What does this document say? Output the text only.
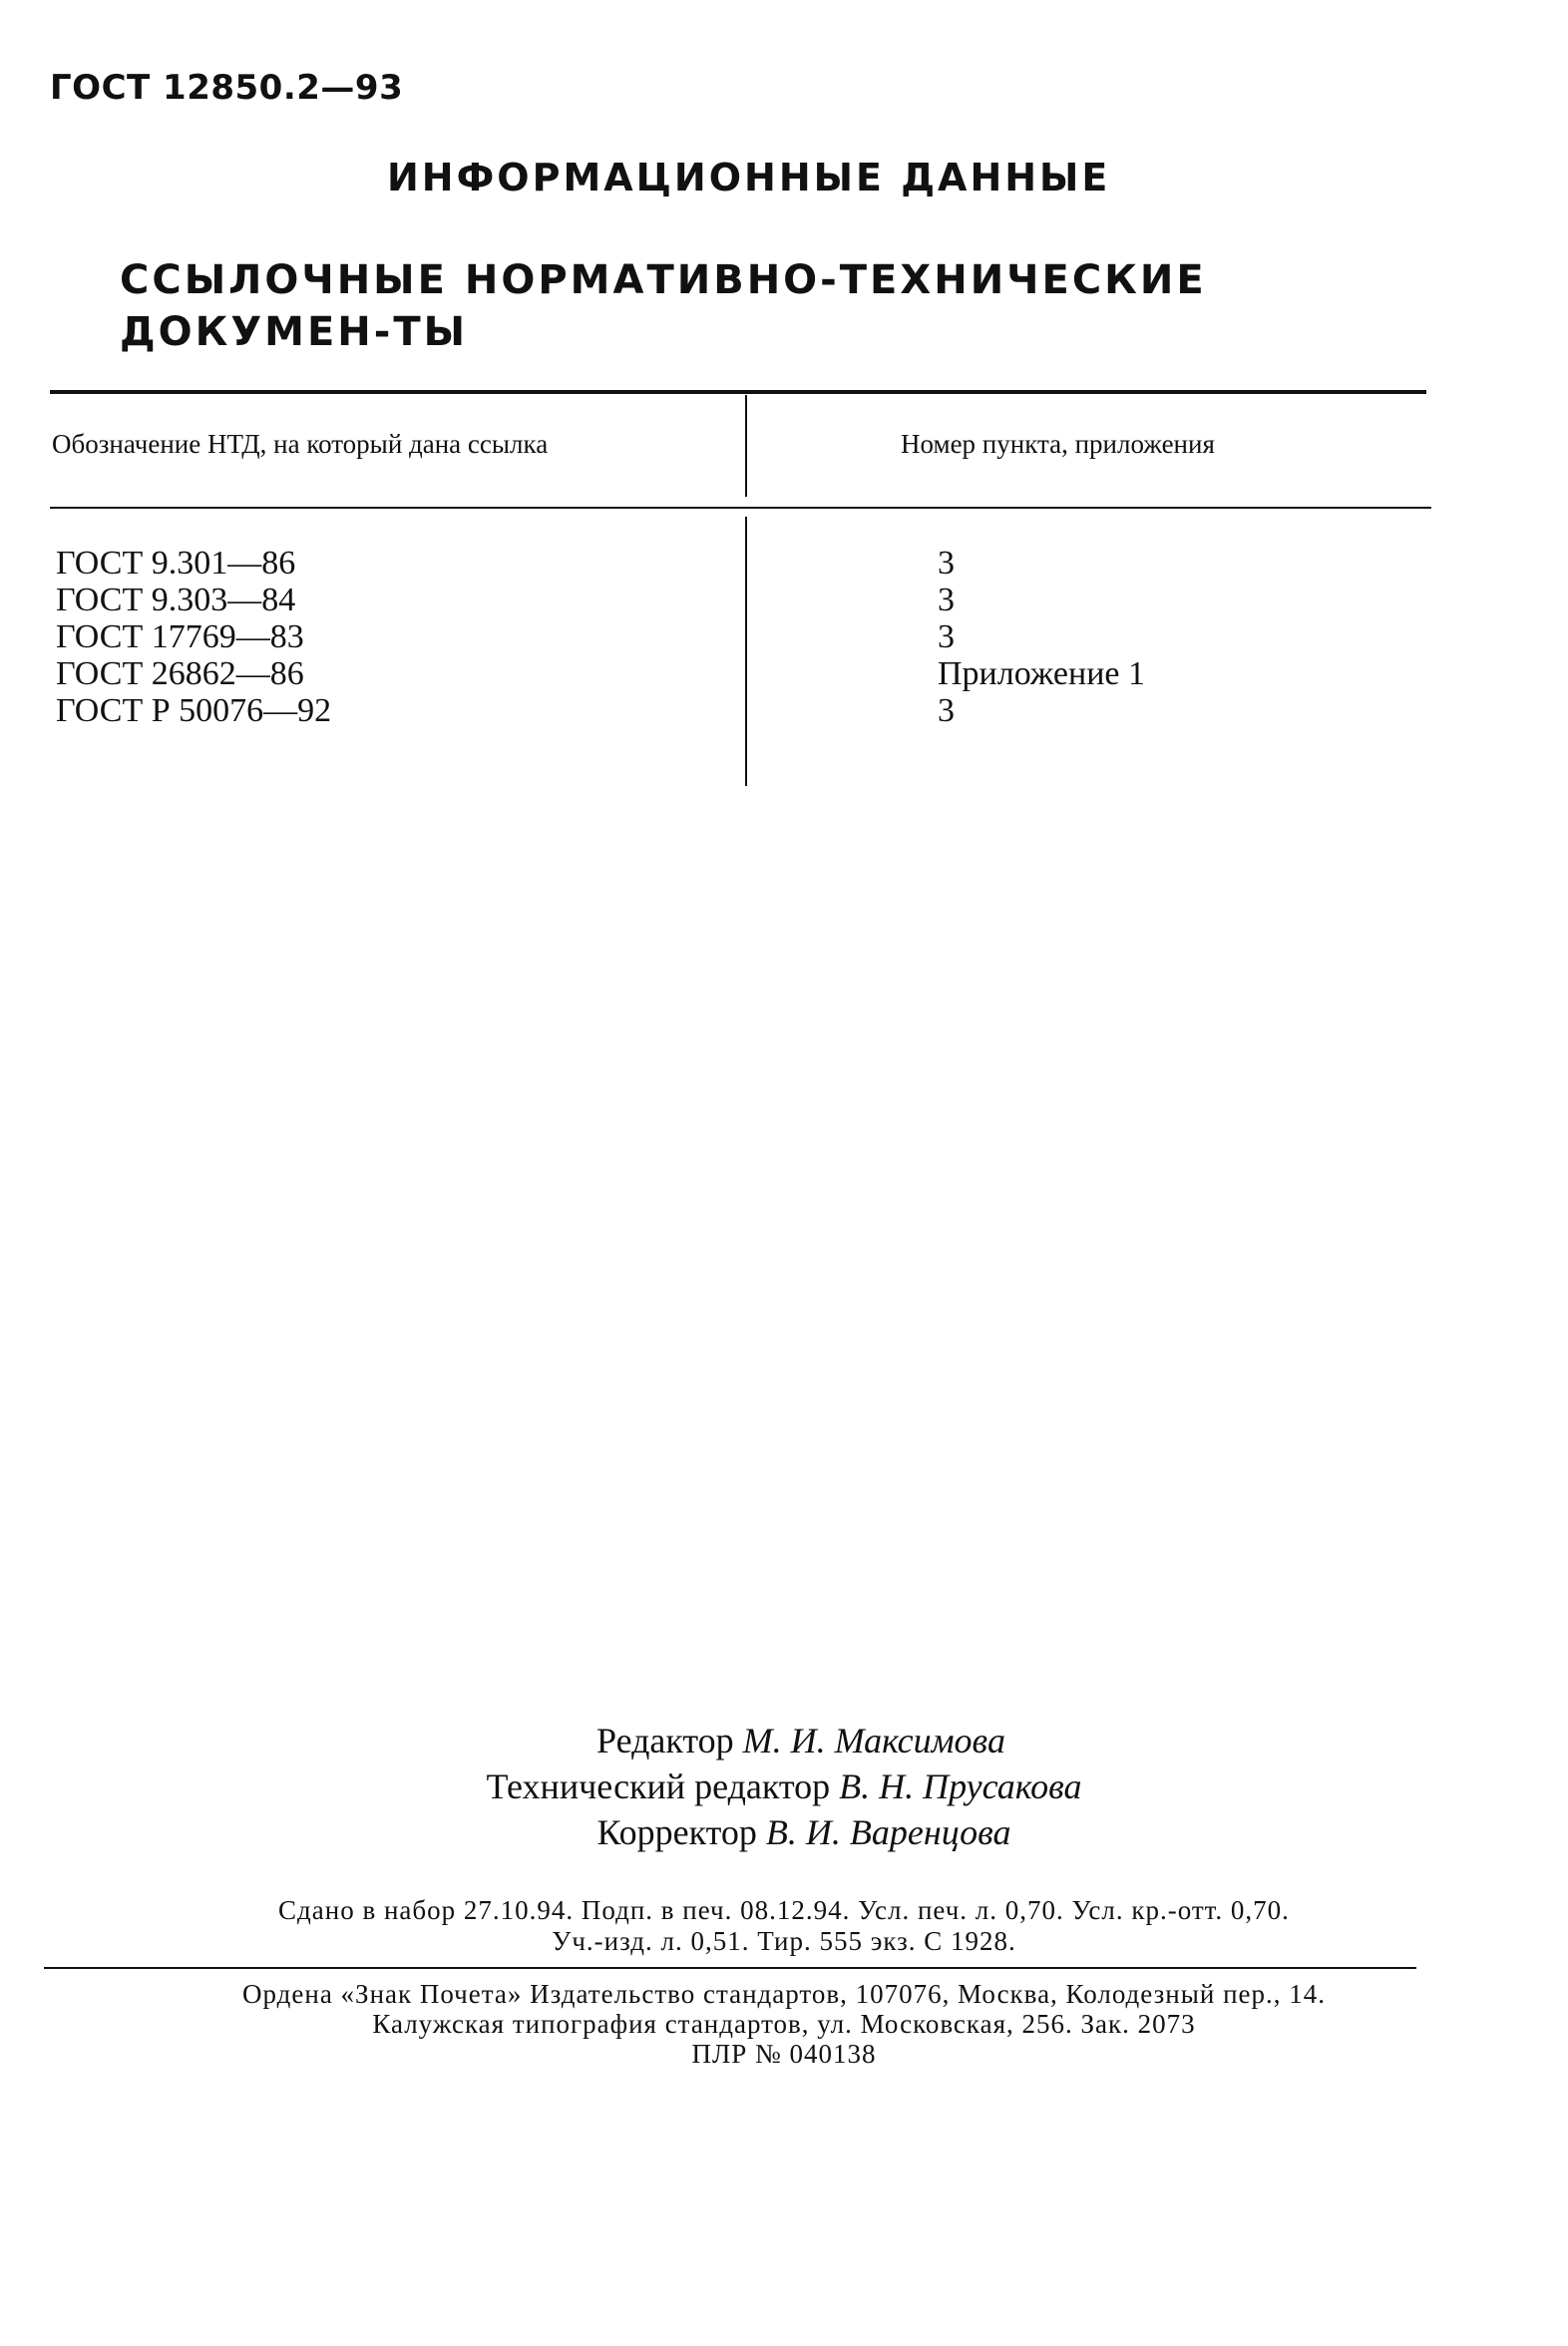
ГОСТ 12850.2—93
ИНФОРМАЦИОННЫЕ ДАННЫЕ
ССЫЛОЧНЫЕ НОРМАТИВНО-ТЕХНИЧЕСКИЕ ДОКУМЕН-ТЫ
Обозначение НТД, на который дана ссылка	Номер пункта, приложения
ГОСТ 9.301—86
ГОСТ 9.303—84
ГОСТ 17769—83
ГОСТ 26862—86
ГОСТ Р 50076—92
3
3
3
Приложение 1
3
Редактор М. И. Максимова
Технический редактор В. Н. Прусакова
Корректор В. И. Варенцова
Сдано в набор 27.10.94. Подп. в печ. 08.12.94. Усл. печ. л. 0,70. Усл. кр.-отт. 0,70.
Уч.-изд. л. 0,51. Тир. 555 экз. С 1928.
Ордена «Знак Почета» Издательство стандартов, 107076, Москва, Колодезный пер., 14.
Калужская типография стандартов, ул. Московская, 256. Зак. 2073
ПЛР № 040138
